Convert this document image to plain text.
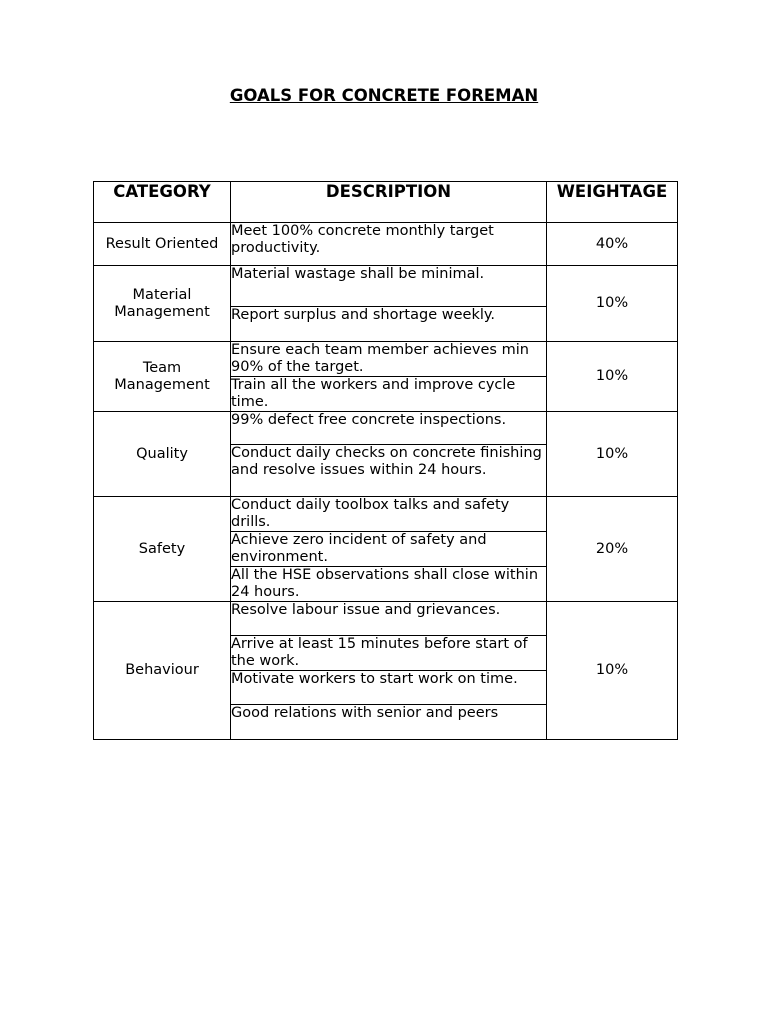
GOALS FOR CONCRETE FOREMAN
CATEGORY	DESCRIPTION	WEIGHTAGE
Result Oriented	Meet 100% concrete monthly target productivity.	40%
Material Management	Material wastage shall be minimal.	10%
	Report surplus and shortage weekly.	
Team Management	Ensure each team member achieves min 90% of the target.	10%
	Train all the workers and improve cycle time.	
Quality	99% defect free concrete inspections.	10%
	Conduct daily checks on concrete finishing and resolve issues within 24 hours.	
Safety	Conduct daily toolbox talks and safety drills.	20%
	Achieve zero incident of safety and environment.	
	All the HSE observations shall close within 24 hours.	
Behaviour	Resolve labour issue and grievances.	10%
	Arrive at least 15 minutes before start of the work.	
	Motivate workers to start work on time.	
	Good relations with senior and peers	
